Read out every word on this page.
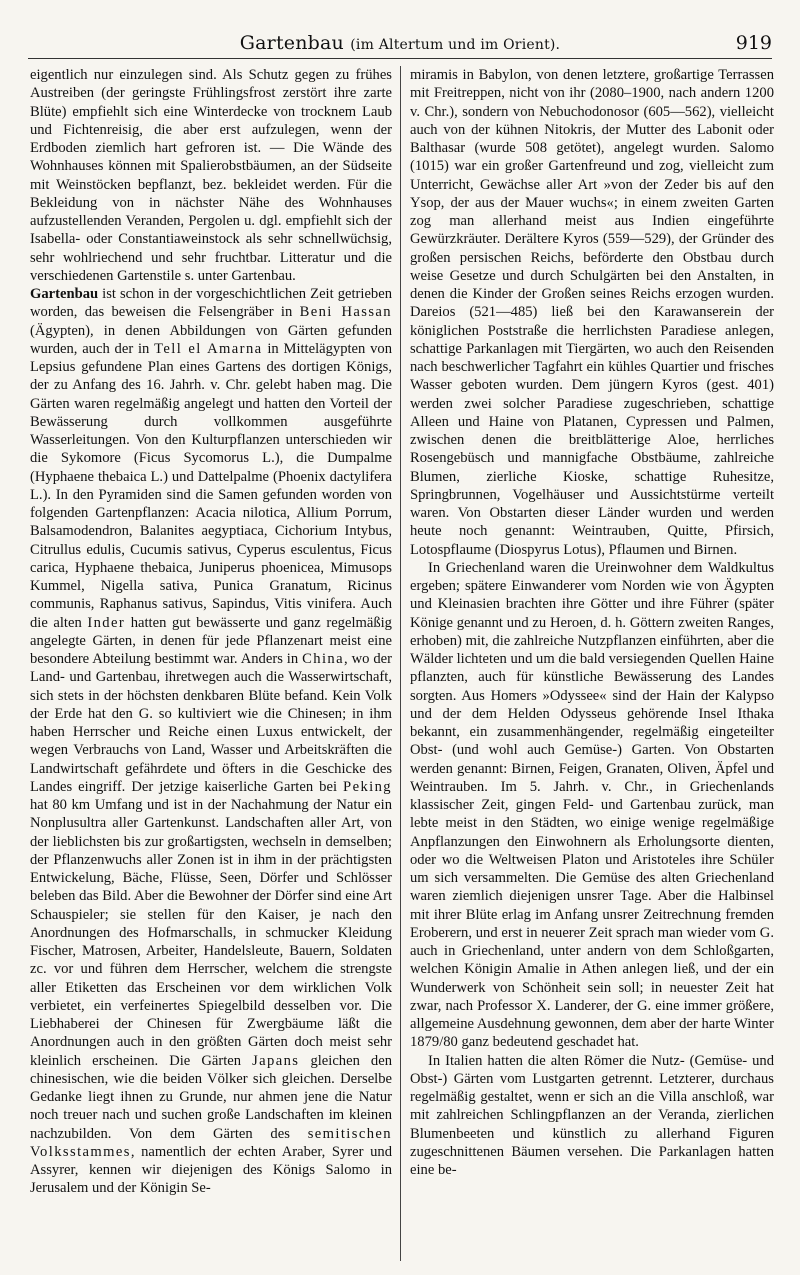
Gartenbau (im Altertum und im Orient).	919

eigentlich nur einzulegen sind. Als Schutz gegen zu frühes Austreiben (der geringste Frühlingsfrost zerstört ihre zarte Blüte) empfiehlt sich eine Winterdecke von trocknem Laub und Fichtenreisig, die aber erst aufzulegen, wenn der Erdboden ziemlich hart gefroren ist. — Die Wände des Wohnhauses können mit Spalierobstbäumen, an der Südseite mit Weinstöcken bepflanzt, bez. bekleidet werden. Für die Bekleidung von in nächster Nähe des Wohnhauses aufzustellenden Veranden, Pergolen u. dgl. empfiehlt sich der Isabella- oder Constantiaweinstock als sehr schnellwüchsig, sehr wohlriechend und sehr fruchtbar. Litteratur und die verschiedenen Gartenstile s. unter Gartenbau.

Gartenbau ist schon in der vorgeschichtlichen Zeit getrieben worden, das beweisen die Felsengräber in Beni Hassan (Ägypten), in denen Abbildungen von Gärten gefunden wurden, auch der in Tell el Amarna in Mittelägypten von Lepsius gefundene Plan eines Gartens des dortigen Königs, der zu Anfang des 16. Jahrh. v. Chr. gelebt haben mag. Die Gärten waren regelmäßig angelegt und hatten den Vorteil der Bewässerung durch vollkommen ausgeführte Wasserleitungen. Von den Kulturpflanzen unterschieden wir die Sykomore (Ficus Sycomorus L.), die Dumpalme (Hyphaene thebaica L.) und Dattelpalme (Phoenix dactylifera L.). In den Pyramiden sind die Samen gefunden worden von folgenden Gartenpflanzen: Acacia nilotica, Allium Porrum, Balsamodendron, Balanites aegyptiaca, Cichorium Intybus, Citrullus edulis, Cucumis sativus, Cyperus esculentus, Ficus carica, Hyphaene thebaica, Juniperus phoenicea, Mimusops Kummel, Nigella sativa, Punica Granatum, Ricinus communis, Raphanus sativus, Sapindus, Vitis vinifera. Auch die alten Inder hatten gut bewässerte und ganz regelmäßig angelegte Gärten, in denen für jede Pflanzenart meist eine besondere Abteilung bestimmt war. Anders in China, wo der Land- und Gartenbau, ihretwegen auch die Wasserwirtschaft, sich stets in der höchsten denkbaren Blüte befand. Kein Volk der Erde hat den G. so kultiviert wie die Chinesen; in ihm haben Herrscher und Reiche einen Luxus entwickelt, der wegen Verbrauchs von Land, Wasser und Arbeitskräften die Landwirtschaft gefährdete und öfters in die Geschicke des Landes eingriff. Der jetzige kaiserliche Garten bei Peking hat 80 km Umfang und ist in der Nachahmung der Natur ein Nonplusultra aller Gartenkunst. Landschaften aller Art, von der lieblichsten bis zur großartigsten, wechseln in demselben; der Pflanzenwuchs aller Zonen ist in ihm in der prächtigsten Entwickelung, Bäche, Flüsse, Seen, Dörfer und Schlösser beleben das Bild. Aber die Bewohner der Dörfer sind eine Art Schauspieler; sie stellen für den Kaiser, je nach den Anordnungen des Hofmarschalls, in schmucker Kleidung Fischer, Matrosen, Arbeiter, Handelsleute, Bauern, Soldaten zc. vor und führen dem Herrscher, welchem die strengste aller Etiketten das Erscheinen vor dem wirklichen Volk verbietet, ein verfeinertes Spiegelbild desselben vor. Die Liebhaberei der Chinesen für Zwergbäume läßt die Anordnungen auch in den größten Gärten doch meist sehr kleinlich erscheinen. Die Gärten Japans gleichen den chinesischen, wie die beiden Völker sich gleichen. Derselbe Gedanke liegt ihnen zu Grunde, nur ahmen jene die Natur noch treuer nach und suchen große Landschaften im kleinen nachzubilden. Von dem Gärten des semitischen Volksstammes, namentlich der echten Araber, Syrer und Assyrer, kennen wir diejenigen des Königs Salomo in Jerusalem und der Königin Se-

miramis in Babylon, von denen letztere, großartige Terrassen mit Freitreppen, nicht von ihr (2080–1900, nach andern 1200 v. Chr.), sondern von Nebuchodonosor (605—562), vielleicht auch von der kühnen Nitokris, der Mutter des Labonit oder Balthasar (wurde 508 getötet), angelegt wurden. Salomo (1015) war ein großer Gartenfreund und zog, vielleicht zum Unterricht, Gewächse aller Art »von der Zeder bis auf den Ysop, der aus der Mauer wuchs«; in einem zweiten Garten zog man allerhand meist aus Indien eingeführte Gewürzkräuter. Derältere Kyros (559—529), der Gründer des großen persischen Reichs, beförderte den Obstbau durch weise Gesetze und durch Schulgärten bei den Anstalten, in denen die Kinder der Großen seines Reichs erzogen wurden. Dareios (521—485) ließ bei den Karawanserein der königlichen Poststraße die herrlichsten Paradiese anlegen, schattige Parkanlagen mit Tiergärten, wo auch den Reisenden nach beschwerlicher Tagfahrt ein kühles Quartier und frisches Wasser geboten wurden. Dem jüngern Kyros (gest. 401) werden zwei solcher Paradiese zugeschrieben, schattige Alleen und Haine von Platanen, Cypressen und Palmen, zwischen denen die breitblätterige Aloe, herrliches Rosengebüsch und mannigfache Obstbäume, zahlreiche Blumen, zierliche Kioske, schattige Ruhesitze, Springbrunnen, Vogelhäuser und Aussichtstürme verteilt waren. Von Obstarten dieser Länder wurden und werden heute noch genannt: Weintrauben, Quitte, Pfirsich, Lotospflaume (Diospyrus Lotus), Pflaumen und Birnen.

In Griechenland waren die Ureinwohner dem Waldkultus ergeben; spätere Einwanderer vom Norden wie von Ägypten und Kleinasien brachten ihre Götter und ihre Führer (später Könige genannt und zu Heroen, d. h. Göttern zweiten Ranges, erhoben) mit, die zahlreiche Nutzpflanzen einführten, aber die Wälder lichteten und um die bald versiegenden Quellen Haine pflanzten, auch für künstliche Bewässerung des Landes sorgten. Aus Homers »Odyssee« sind der Hain der Kalypso und der dem Helden Odysseus gehörende Insel Ithaka bekannt, ein zusammenhängender, regelmäßig eingeteilter Obst- (und wohl auch Gemüse-) Garten. Von Obstarten werden genannt: Birnen, Feigen, Granaten, Oliven, Äpfel und Weintrauben. Im 5. Jahrh. v. Chr., in Griechenlands klassischer Zeit, gingen Feld- und Gartenbau zurück, man lebte meist in den Städten, wo einige wenige regelmäßige Anpflanzungen den Einwohnern als Erholungsorte dienten, oder wo die Weltweisen Platon und Aristoteles ihre Schüler um sich versammelten. Die Gemüse des alten Griechenland waren ziemlich diejenigen unsrer Tage. Aber die Halbinsel mit ihrer Blüte erlag im Anfang unsrer Zeitrechnung fremden Eroberern, und erst in neuerer Zeit sprach man wieder vom G. auch in Griechenland, unter andern von dem Schloßgarten, welchen Königin Amalie in Athen anlegen ließ, und der ein Wunderwerk von Schönheit sein soll; in neuester Zeit hat zwar, nach Professor X. Landerer, der G. eine immer größere, allgemeine Ausdehnung gewonnen, dem aber der harte Winter 1879/80 ganz bedeutend geschadet hat.

In Italien hatten die alten Römer die Nutz- (Gemüse- und Obst-) Gärten vom Lustgarten getrennt. Letzterer, durchaus regelmäßig gestaltet, wenn er sich an die Villa anschloß, war mit zahlreichen Schlingpflanzen an der Veranda, zierlichen Blumenbeeten und künstlich zu allerhand Figuren zugeschnittenen Bäumen versehen. Die Parkanlagen hatten eine be-
